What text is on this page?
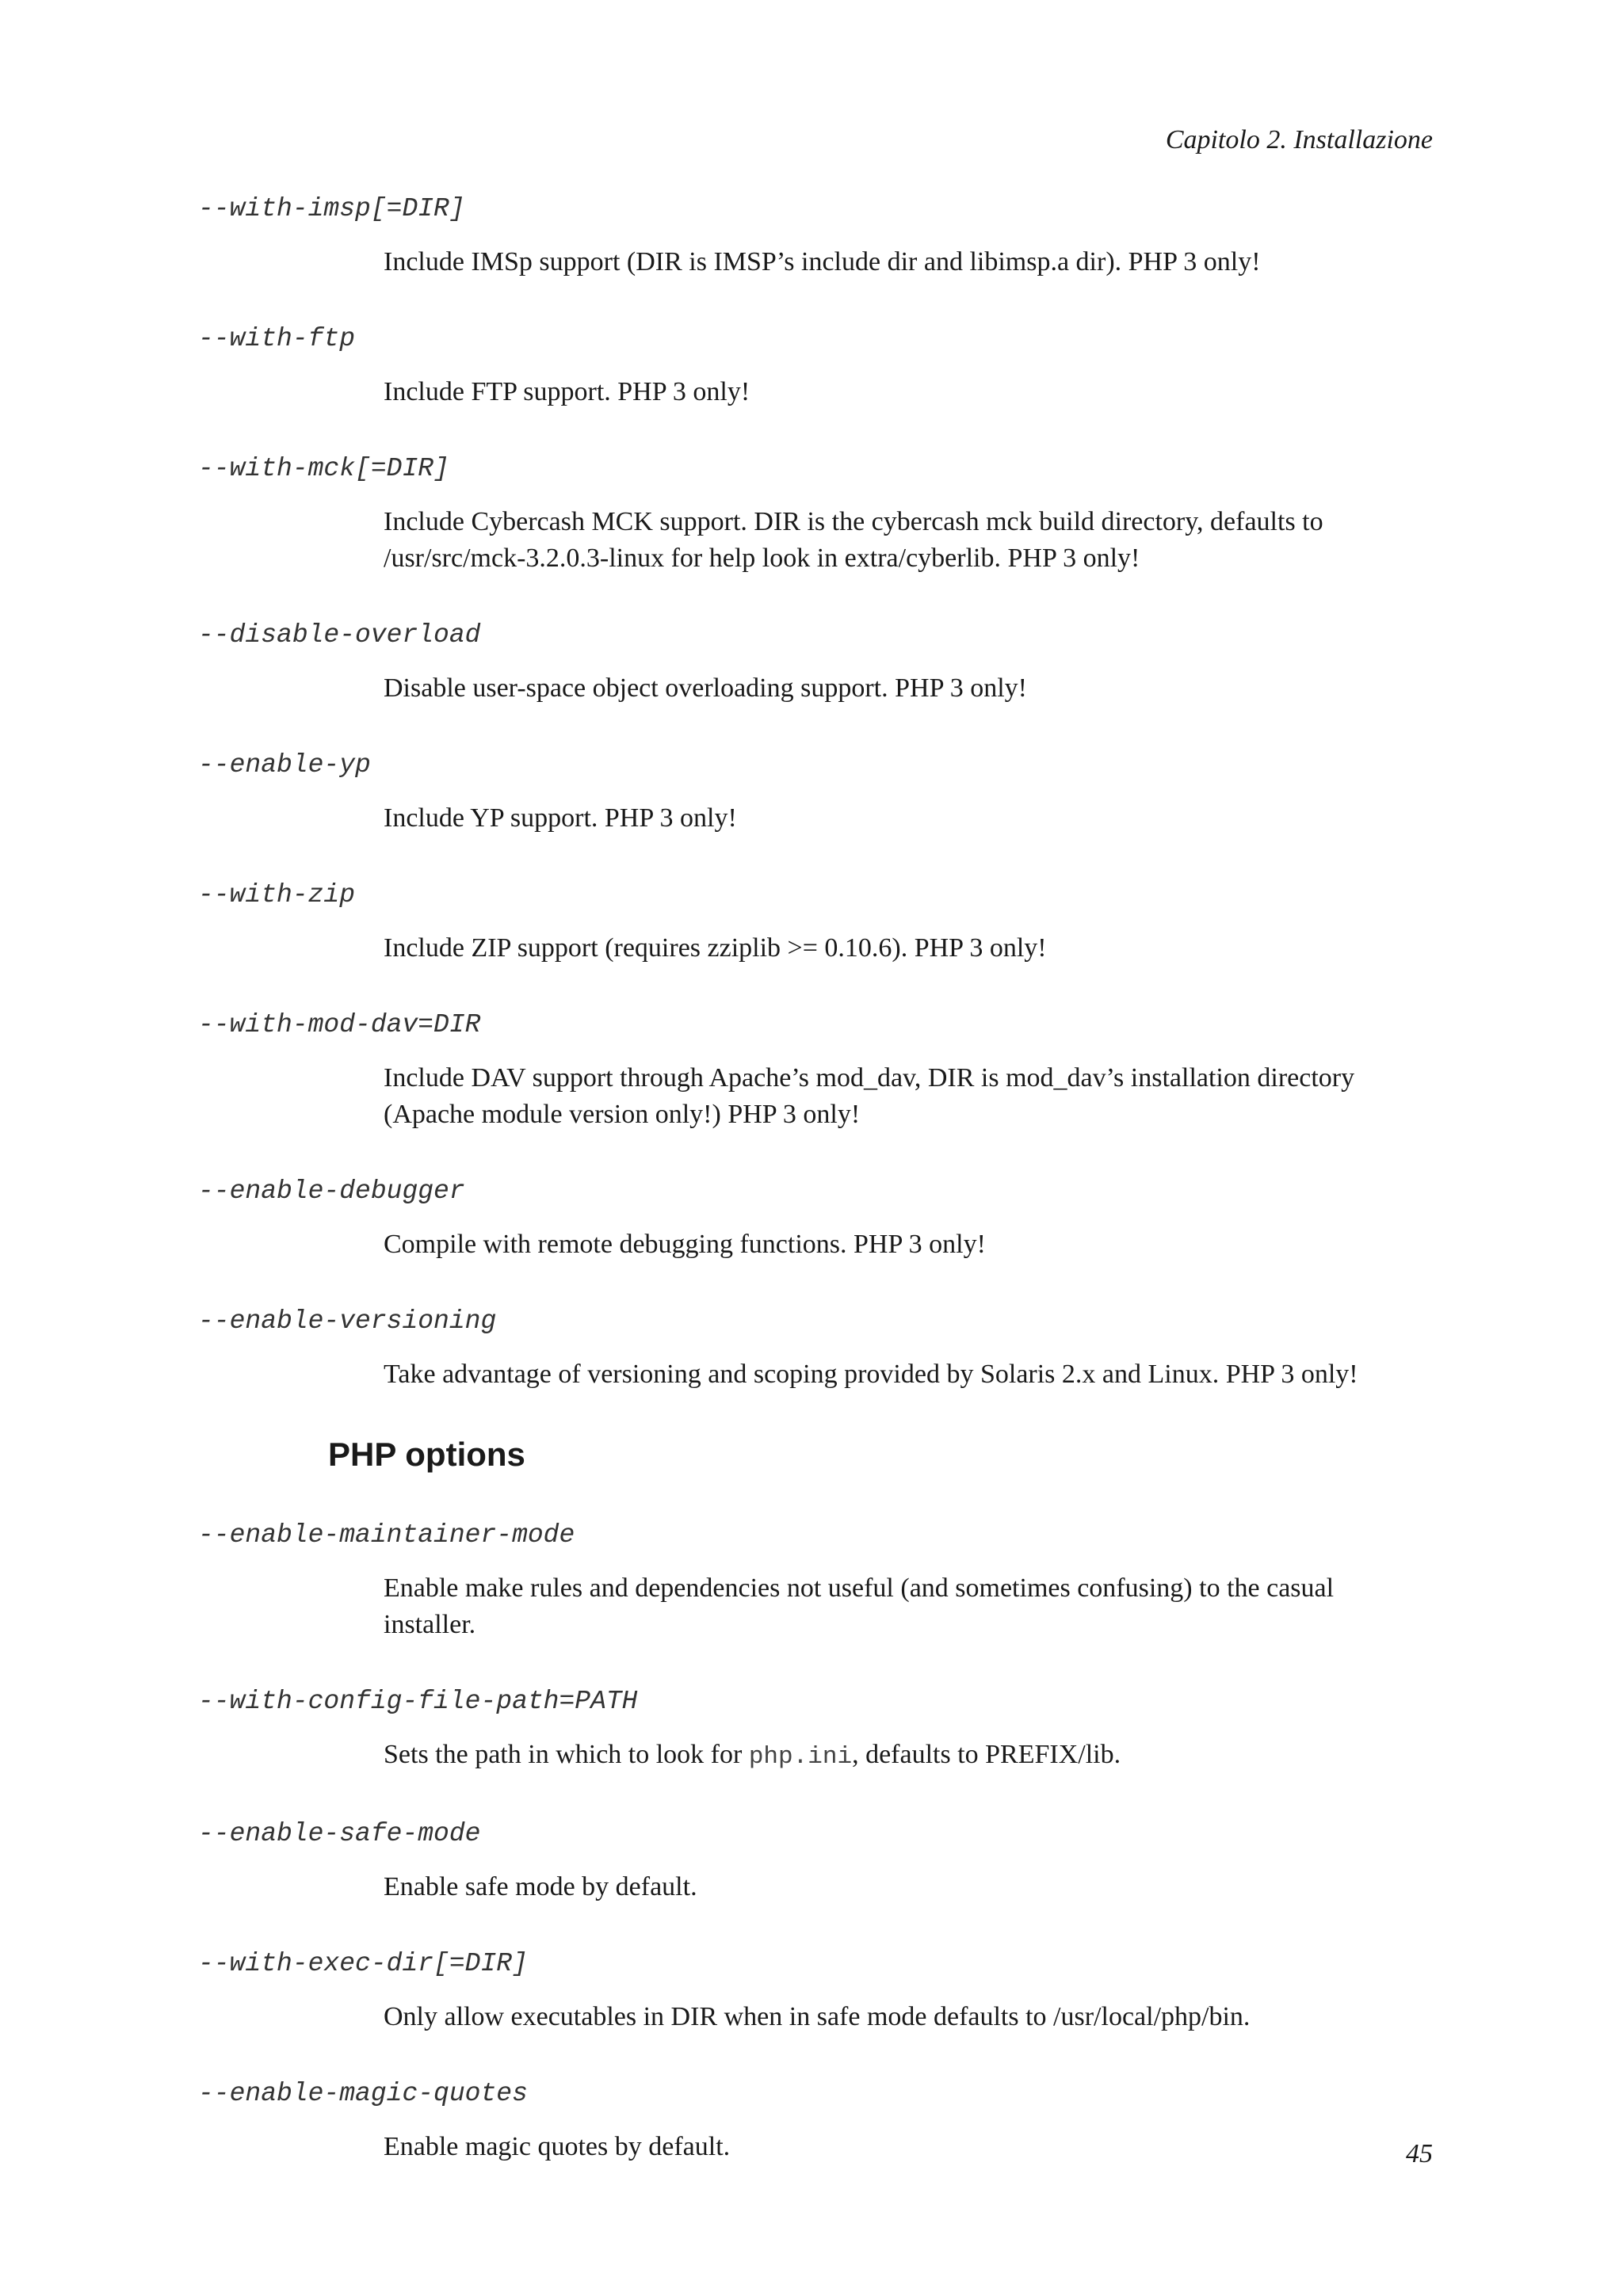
Capitolo 2. Installazione
--with-imsp[=DIR]
Include IMSp support (DIR is IMSP’s include dir and libimsp.a dir). PHP 3 only!
--with-ftp
Include FTP support. PHP 3 only!
--with-mck[=DIR]
Include Cybercash MCK support. DIR is the cybercash mck build directory, defaults to /usr/src/mck-3.2.0.3-linux for help look in extra/cyberlib. PHP 3 only!
--disable-overload
Disable user-space object overloading support. PHP 3 only!
--enable-yp
Include YP support. PHP 3 only!
--with-zip
Include ZIP support (requires zziplib >= 0.10.6). PHP 3 only!
--with-mod-dav=DIR
Include DAV support through Apache’s mod_dav, DIR is mod_dav’s installation directory (Apache module version only!) PHP 3 only!
--enable-debugger
Compile with remote debugging functions. PHP 3 only!
--enable-versioning
Take advantage of versioning and scoping provided by Solaris 2.x and Linux. PHP 3 only!
PHP options
--enable-maintainer-mode
Enable make rules and dependencies not useful (and sometimes confusing) to the casual installer.
--with-config-file-path=PATH
Sets the path in which to look for php.ini, defaults to PREFIX/lib.
--enable-safe-mode
Enable safe mode by default.
--with-exec-dir[=DIR]
Only allow executables in DIR when in safe mode defaults to /usr/local/php/bin.
--enable-magic-quotes
Enable magic quotes by default.	45
